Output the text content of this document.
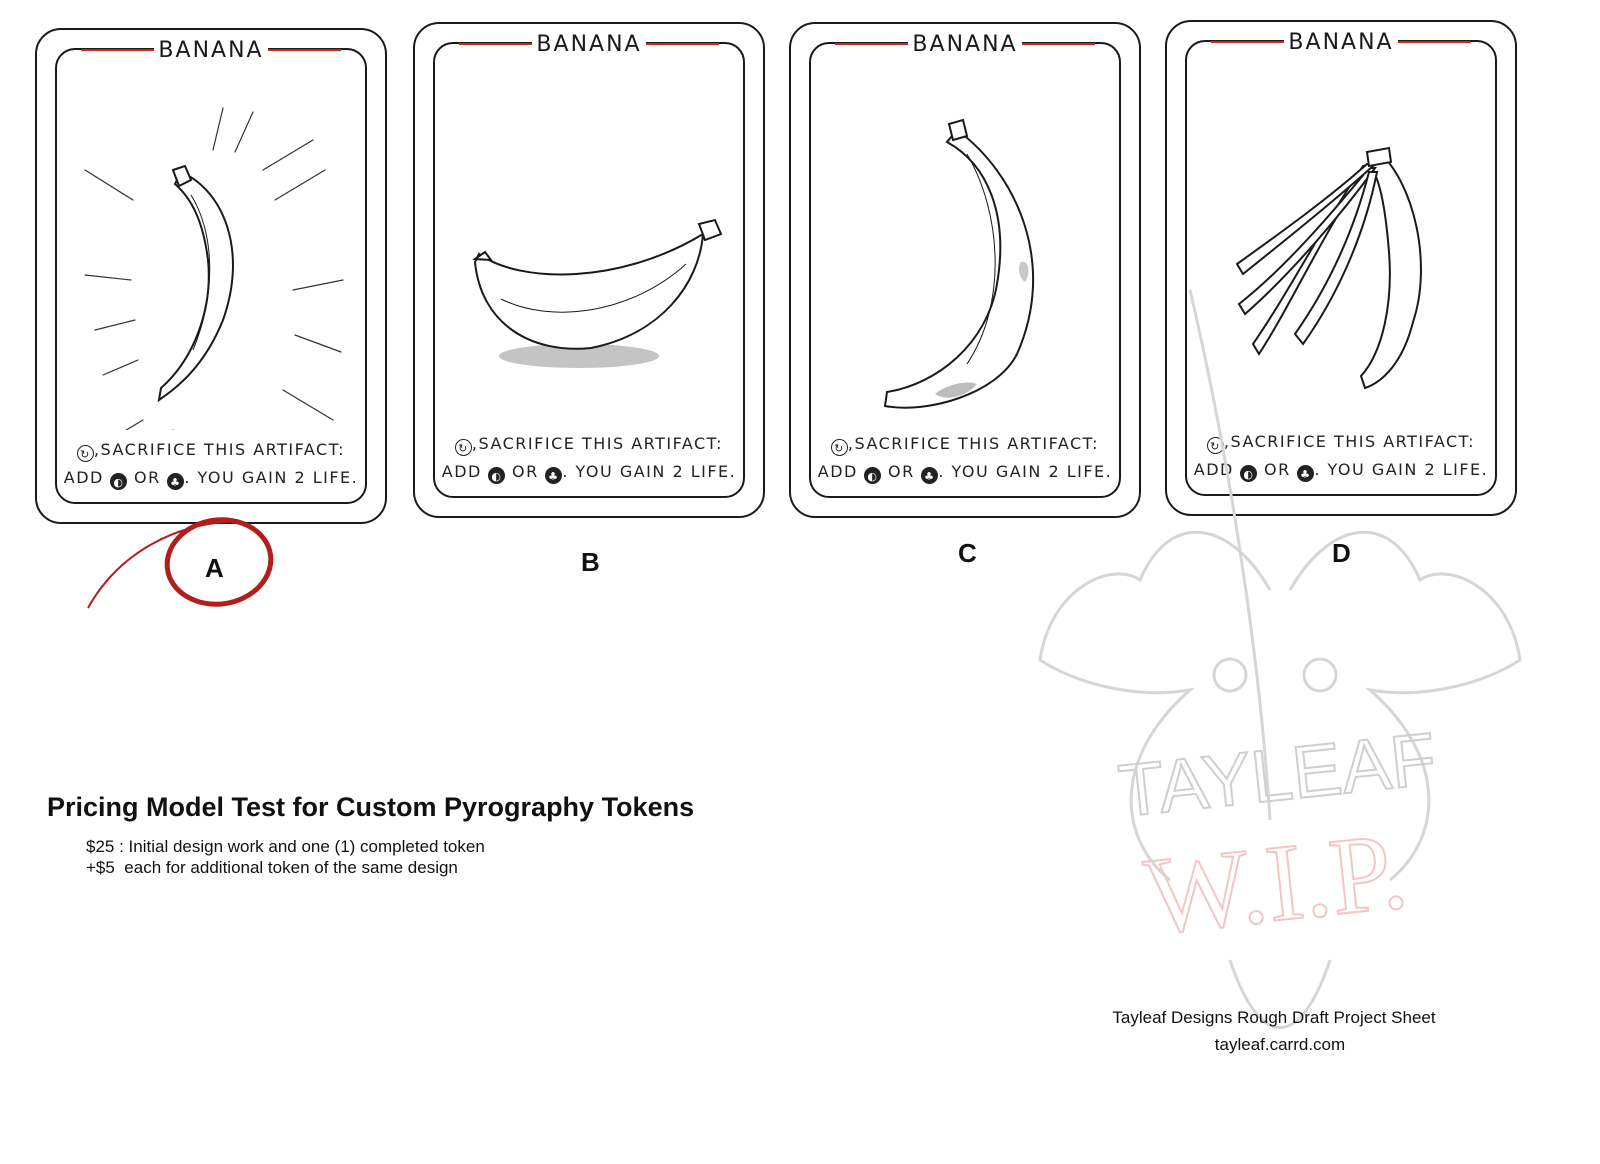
BANANA
↻ ,SACRIFICE THIS ARTIFACT:
ADD ◐ OR ♣ . YOU GAIN 2 LIFE.
BANANA
↻ ,SACRIFICE THIS ARTIFACT:
ADD ◐ OR ♣ . YOU GAIN 2 LIFE.
BANANA
↻ ,SACRIFICE THIS ARTIFACT:
ADD ◐ OR ♣ . YOU GAIN 2 LIFE.
BANANA
↻ ,SACRIFICE THIS ARTIFACT:
ADD ◐ OR ♣ . YOU GAIN 2 LIFE.
A	B	C	D
TAYLEAF
W.I.P.
Pricing Model Test for Custom Pyrography Tokens
$25 : Initial design work and one (1) completed token
+$5  each for additional token of the same design
Tayleaf Designs Rough Draft Project Sheet
tayleaf.carrd.com
